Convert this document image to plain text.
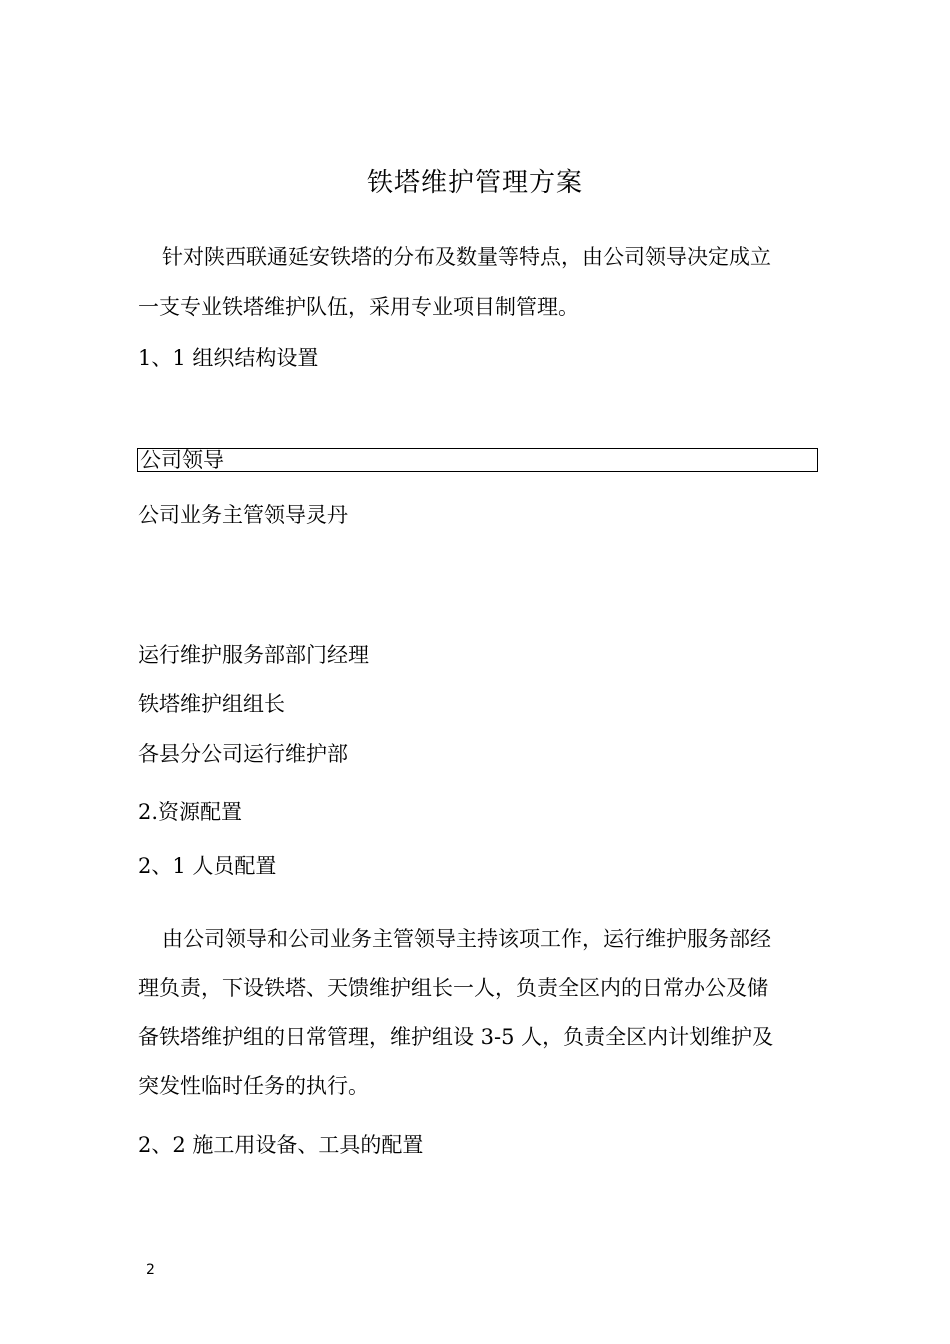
铁塔维护管理方案
针对陕西联通延安铁塔的分布及数量等特点，由公司领导决定成立
一支专业铁塔维护队伍，采用专业项目制管理。
1、1 组织结构设置
公司领导
公司业务主管领导灵丹
运行维护服务部部门经理
铁塔维护组组长
各县分公司运行维护部
2.资源配置
2、1 人员配置
由公司领导和公司业务主管领导主持该项工作，运行维护服务部经
理负责，下设铁塔、天馈维护组长一人，负责全区内的日常办公及储
备铁塔维护组的日常管理，维护组设 3-5 人，负责全区内计划维护及
突发性临时任务的执行。
2、2 施工用设备、工具的配置
2
